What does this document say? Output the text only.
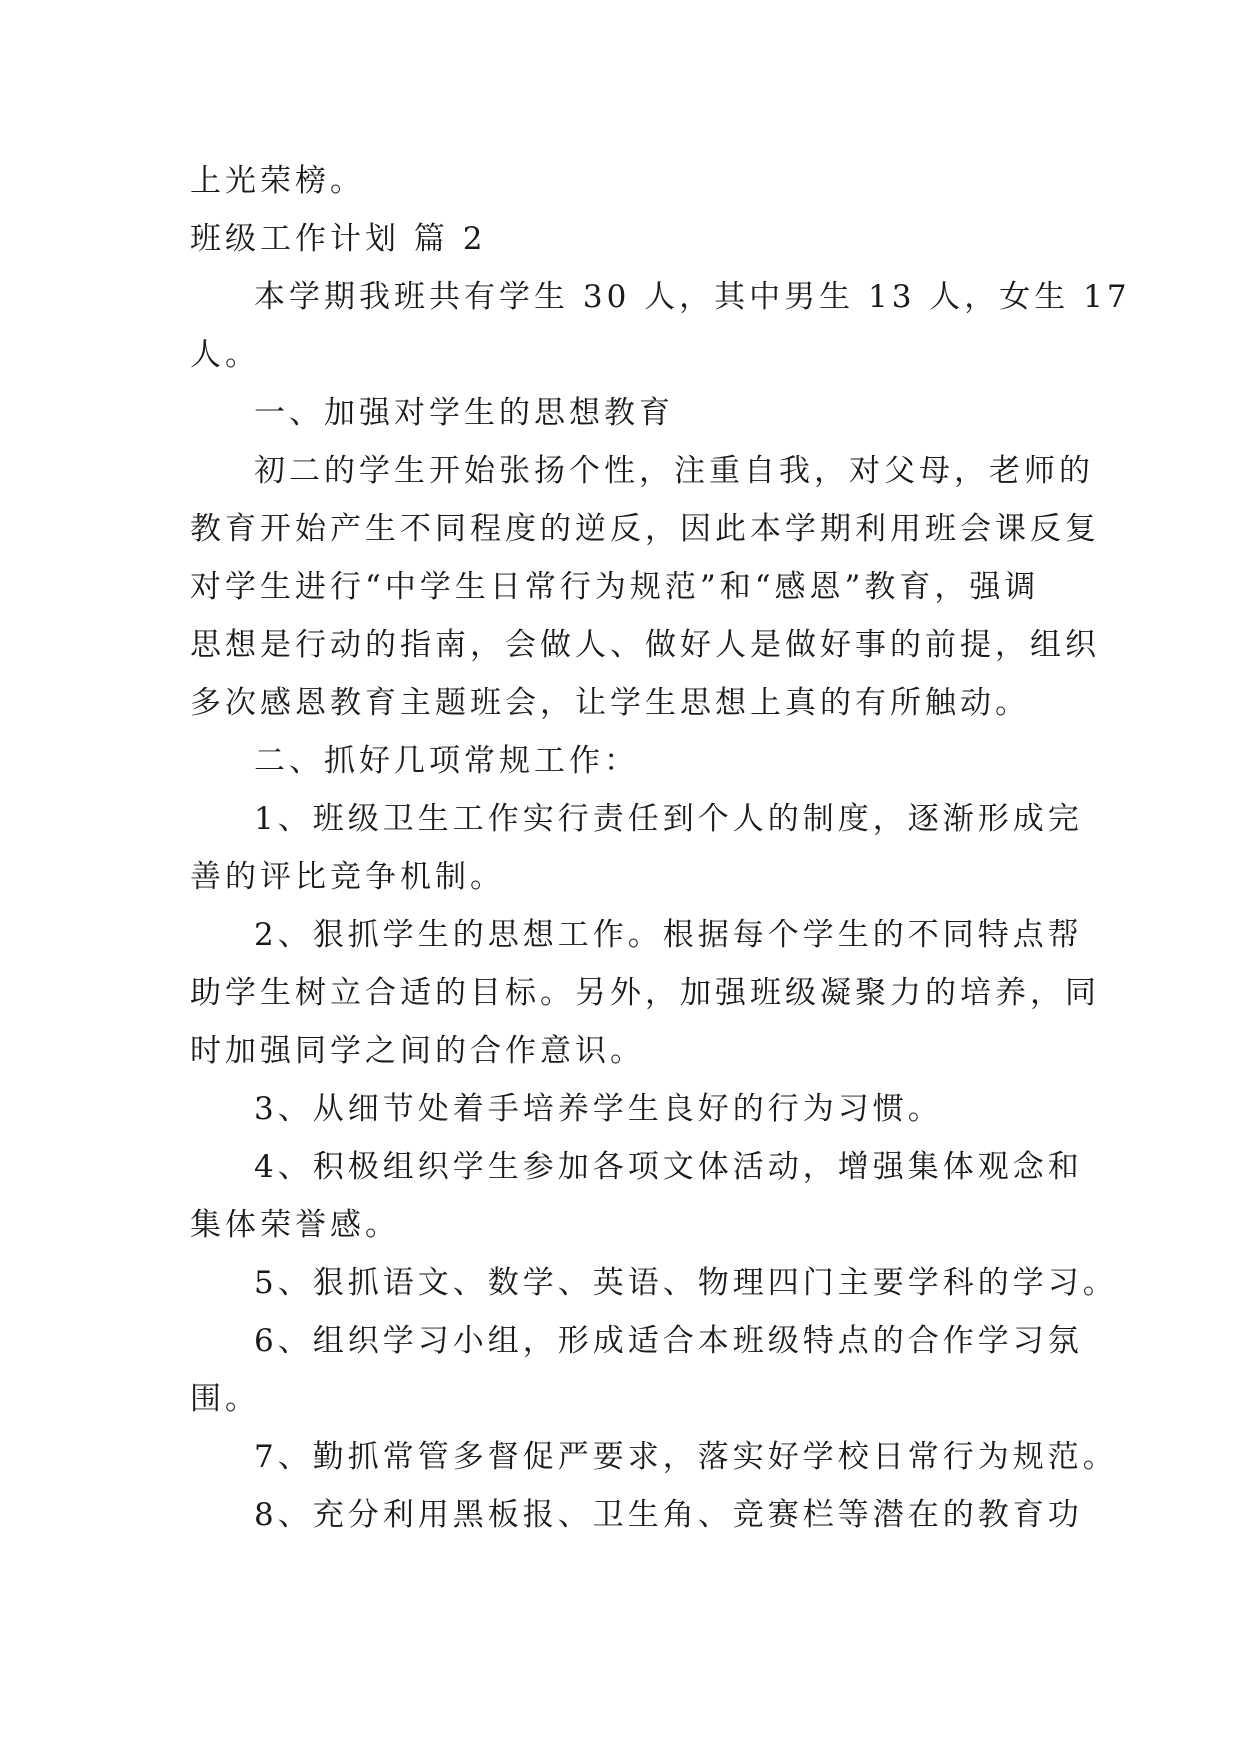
上光荣榜。
班级工作计划 篇 2
本学期我班共有学生 30 人，其中男生 13 人，女生 17
人。
一、加强对学生的思想教育
初二的学生开始张扬个性，注重自我，对父母，老师的
教育开始产生不同程度的逆反，因此本学期利用班会课反复
对学生进行“中学生日常行为规范”和“感恩”教育，强调
思想是行动的指南，会做人、做好人是做好事的前提，组织
多次感恩教育主题班会，让学生思想上真的有所触动。
二、抓好几项常规工作：
1、班级卫生工作实行责任到个人的制度，逐渐形成完
善的评比竞争机制。
2、狠抓学生的思想工作。根据每个学生的不同特点帮
助学生树立合适的目标。另外，加强班级凝聚力的培养，同
时加强同学之间的合作意识。
3、从细节处着手培养学生良好的行为习惯。
4、积极组织学生参加各项文体活动，增强集体观念和
集体荣誉感。
5、狠抓语文、数学、英语、物理四门主要学科的学习。
6、组织学习小组，形成适合本班级特点的合作学习氛
围。
7、勤抓常管多督促严要求，落实好学校日常行为规范。
8、充分利用黑板报、卫生角、竞赛栏等潜在的教育功
